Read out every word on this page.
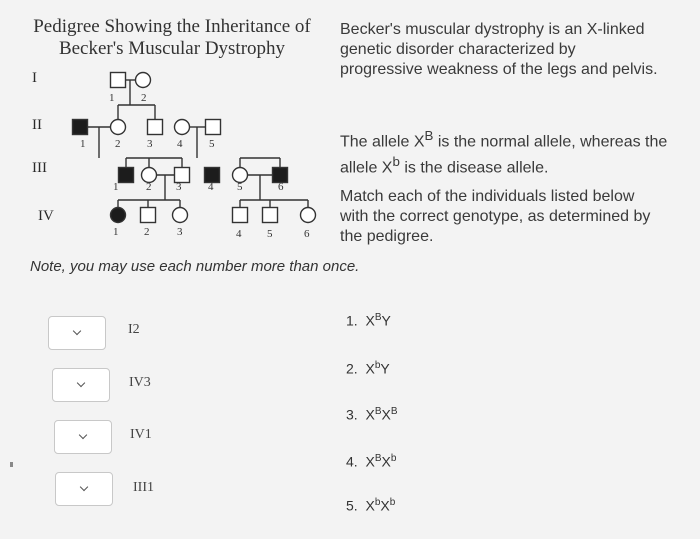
Pedigree Showing the Inheritance of
Becker's Muscular Dystrophy
Becker's muscular dystrophy is an X-linked genetic disorder characterized by progressive weakness of the legs and pelvis.
The allele $X^B$ is the normal allele, whereas the allele $X^b$ is the disease allele.
Match each of the individuals listed below with the correct genotype, as determined by the pedigree.
I
II
III
IV
1 2
1	2 3 4 5
1	2 3 4 5	6
1 2	3	4 5	6
Note, you may use each number more than once.
I2
IV3
IV1
III1
1. $X^BY$
2. $X^bY$
3. $X^BX^B$
4. $X^BX^b$
5. $X^bX^b$
